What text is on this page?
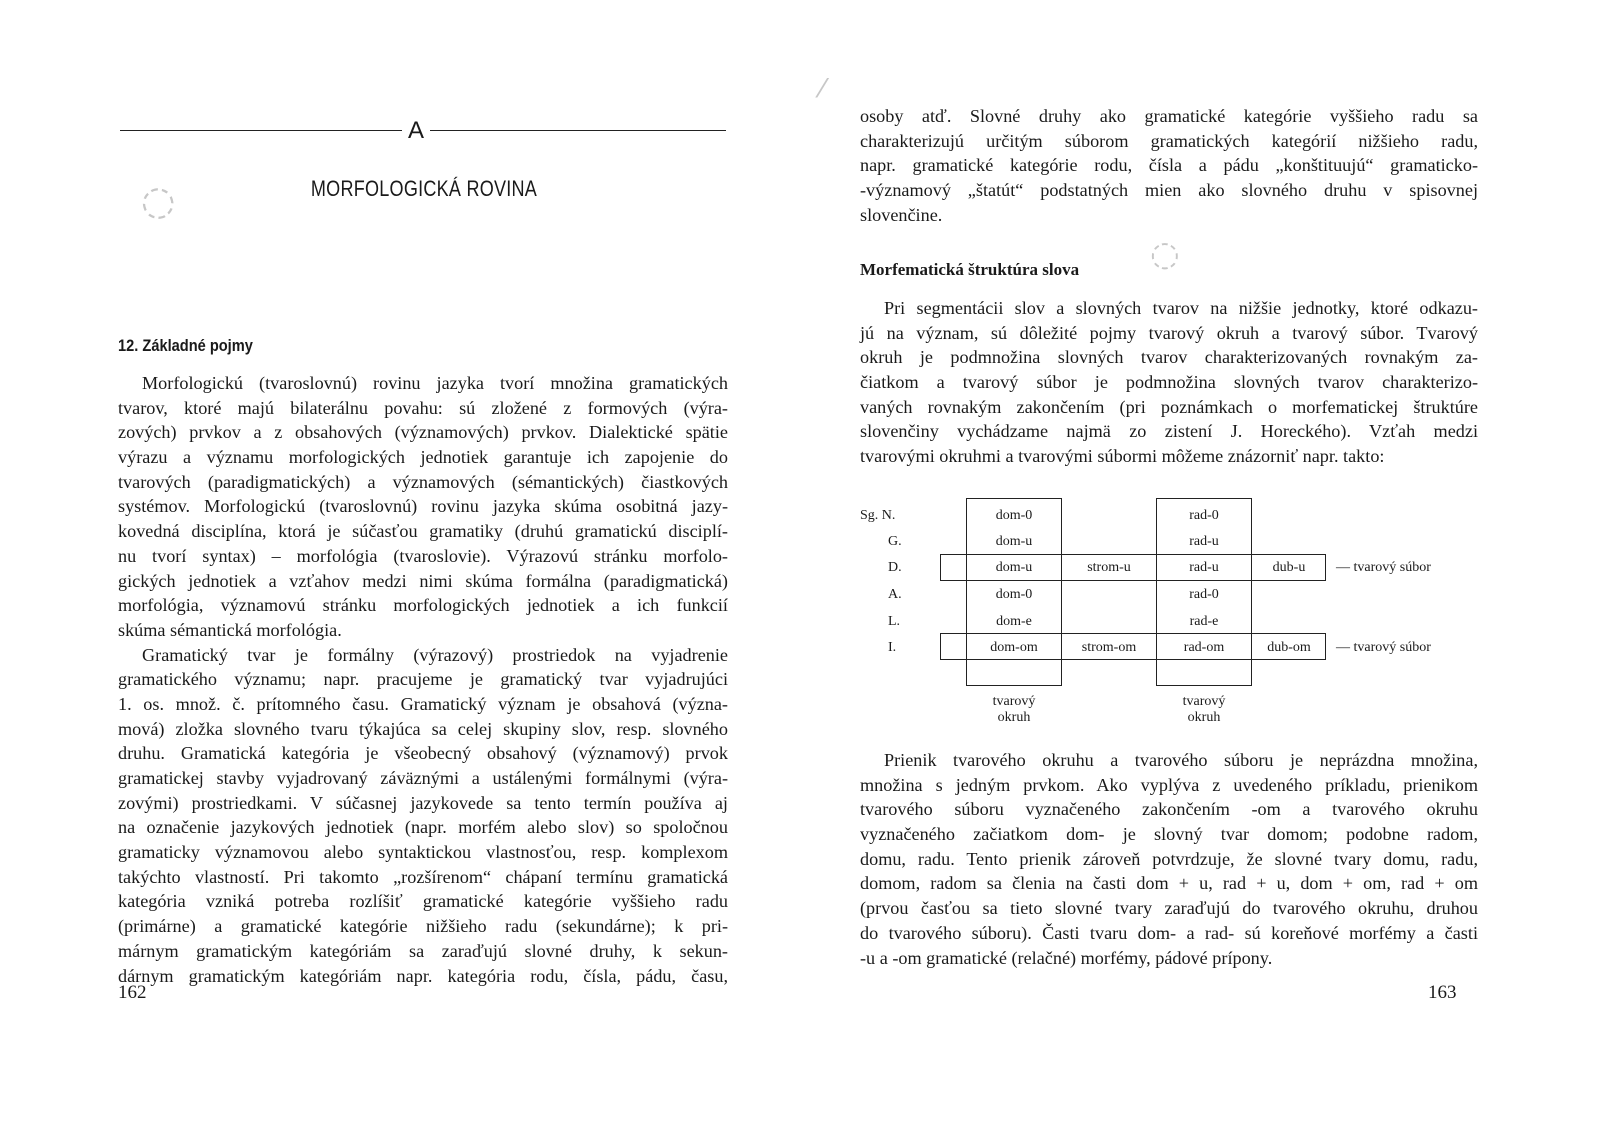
◌
A
MORFOLOGICKÁ ROVINA
12. Základné pojmy
Morfologickú (tvaroslovnú) rovinu jazyka tvorí množina gramatických
tvarov, ktoré majú bilaterálnu povahu: sú zložené z formových (výra-
zových) prvkov a z obsahových (významových) prvkov. Dialektické spätie
výrazu a významu morfologických jednotiek garantuje ich zapojenie do
tvarových (paradigmatických) a významových (sémantických) čiastkových
systémov. Morfologickú (tvaroslovnú) rovinu jazyka skúma osobitná jazy-
kovedná disciplína, ktorá je súčasťou gramatiky (druhú gramatickú disciplí-
nu tvorí syntax) – morfológia (tvaroslovie). Výrazovú stránku morfolo-
gických jednotiek a vzťahov medzi nimi skúma formálna (paradigmatická)
morfológia, významovú stránku morfologických jednotiek a ich funkcií
skúma sémantická morfológia.
Gramatický tvar je formálny (výrazový) prostriedok na vyjadrenie
gramatického významu; napr. pracujeme je gramatický tvar vyjadrujúci
1. os. množ. č. prítomného času. Gramatický význam je obsahová (význa-
mová) zložka slovného tvaru týkajúca sa celej skupiny slov, resp. slovného
druhu. Gramatická kategória je všeobecný obsahový (významový) prvok
gramatickej stavby vyjadrovaný záväznými a ustálenými formálnymi (výra-
zovými) prostriedkami. V súčasnej jazykovede sa tento termín používa aj
na označenie jazykových jednotiek (napr. morfém alebo slov) so spoločnou
gramaticky významovou alebo syntaktickou vlastnosťou, resp. komplexom
takýchto vlastností. Pri takomto „rozšírenom“ chápaní termínu gramatická
kategória vzniká potreba rozlíšiť gramatické kategórie vyššieho radu
(primárne) a gramatické kategórie nižšieho radu (sekundárne); k pri-
márnym gramatickým kategóriám sa zaraďujú slovné druhy, k sekun-
dárnym gramatickým kategóriám napr. kategória rodu, čísla, pádu, času,
162
⁄
◌
osoby atď. Slovné druhy ako gramatické kategórie vyššieho radu sa
charakterizujú určitým súborom gramatických kategórií nižšieho radu,
napr. gramatické kategórie rodu, čísla a pádu „konštituujú“ gramaticko-
-významový „štatút“ podstatných mien ako slovného druhu v spisovnej
slovenčine.
Morfematická štruktúra slova
Pri segmentácii slov a slovných tvarov na nižšie jednotky, ktoré odkazu-
jú na význam, sú dôležité pojmy tvarový okruh a tvarový súbor. Tvarový
okruh je podmnožina slovných tvarov charakterizovaných rovnakým za-
čiatkom a tvarový súbor je podmnožina slovných tvarov charakterizo-
vaných rovnakým zakončením (pri poznámkach o morfematickej štruktúre
slovenčiny vychádzame najmä zo zistení J. Horeckého). Vzťah medzi
tvarovými okruhmi a tvarovými súbormi môžeme znázorniť napr. takto:
Sg. N.
G.
D.
A.
L.
I.
dom-0
dom-u
dom-u
dom-0
dom-e
dom-om
strom-u
strom-om
rad-0
rad-u
rad-u
rad-0
rad-e
rad-om
dub-u
dub-om
— tvarový súbor
— tvarový súbor
tvarový
okruh
tvarový
okruh
Prienik tvarového okruhu a tvarového súboru je neprázdna množina,
množina s jedným prvkom. Ako vyplýva z uvedeného príkladu, prienikom
tvarového súboru vyznačeného zakončením -om a tvarového okruhu
vyznačeného začiatkom dom- je slovný tvar domom; podobne radom,
domu, radu. Tento prienik zároveň potvrdzuje, že slovné tvary domu, radu,
domom, radom sa členia na časti dom + u, rad + u, dom + om, rad + om
(prvou časťou sa tieto slovné tvary zaraďujú do tvarového okruhu, druhou
do tvarového súboru). Časti tvaru dom- a rad- sú koreňové morfémy a časti
-u a -om gramatické (relačné) morfémy, pádové prípony.
163
